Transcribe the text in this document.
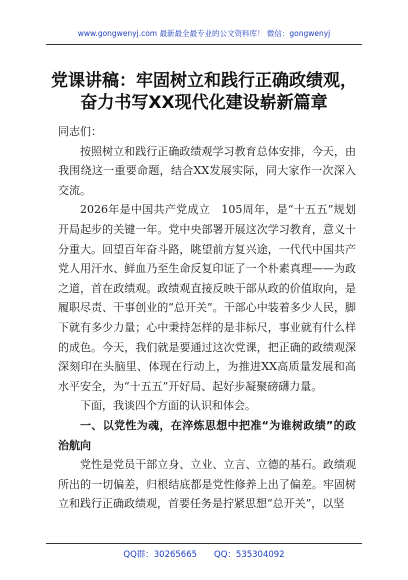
www.gongwenyj.com 最新最全最专业的公文资料库！ 微信：gongwenyj
党课讲稿：牢固树立和践行正确政绩观，
奋力书写XX现代化建设崭新篇章

同志们：

按照树立和践行正确政绩观学习教育总体安排，今天，由我围绕这一重要命题，结合XX发展实际，同大家作一次深入交流。

2026年是中国共产党成立　105周年，是“十五五”规划开局起步的关键一年。党中央部署开展这次学习教育，意义十分重大。回望百年奋斗路，眺望前方复兴途，一代代中国共产党人用汗水、鲜血乃至生命反复印证了一个朴素真理——为政之道，首在政绩观。政绩观直接反映干部从政的价值取向，是履职尽责、干事创业的“总开关”。干部心中装着多少人民，脚下就有多少力量；心中秉持怎样的是非标尺，事业就有什么样的成色。今天，我们就是要通过这次党课，把正确的政绩观深深刻印在头脑里、体现在行动上，为推进XX高质量发展和高水平安全，为“十五五”开好局、起好步凝聚磅礴力量。

下面，我谈四个方面的认识和体会。

一、以党性为魂，在淬炼思想中把准“为谁树政绩”的政治航向

党性是党员干部立身、立业、立言、立德的基石。政绩观所出的一切偏差，归根结底都是党性修养上出了偏差。牢固树立和践行正确政绩观，首要任务是拧紧思想“总开关”，以坚

QQ群：30265665　　QQ：535304092
